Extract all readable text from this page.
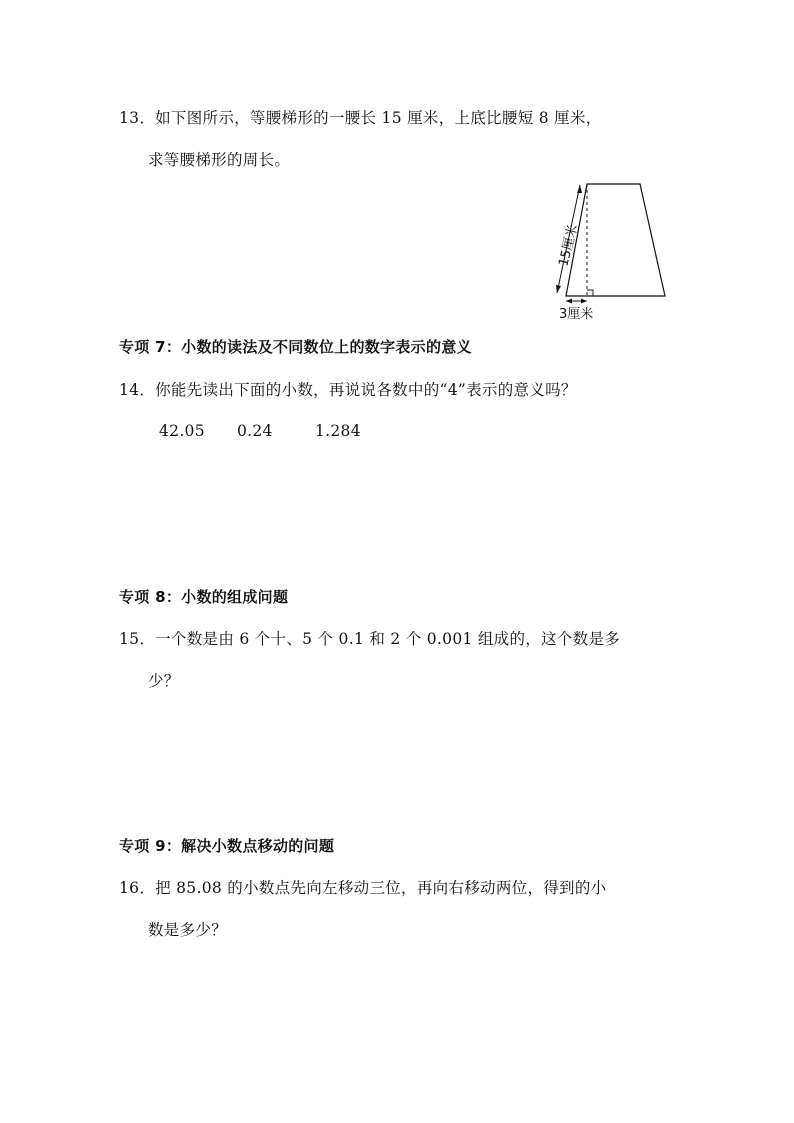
13．如下图所示，等腰梯形的一腰长 15 厘米，上底比腰短 8 厘米，
求等腰梯形的周长。
15厘米
3厘米
专项 7：小数的读法及不同数位上的数字表示的意义
14．你能先读出下面的小数，再说说各数中的“4”表示的意义吗？
42.05 0.24	1.284
专项 8：小数的组成问题
15．一个数是由 6 个十、5 个 0.1 和 2 个 0.001 组成的，这个数是多
少？
专项 9：解决小数点移动的问题
16．把 85.08 的小数点先向左移动三位，再向右移动两位，得到的小
数是多少？
